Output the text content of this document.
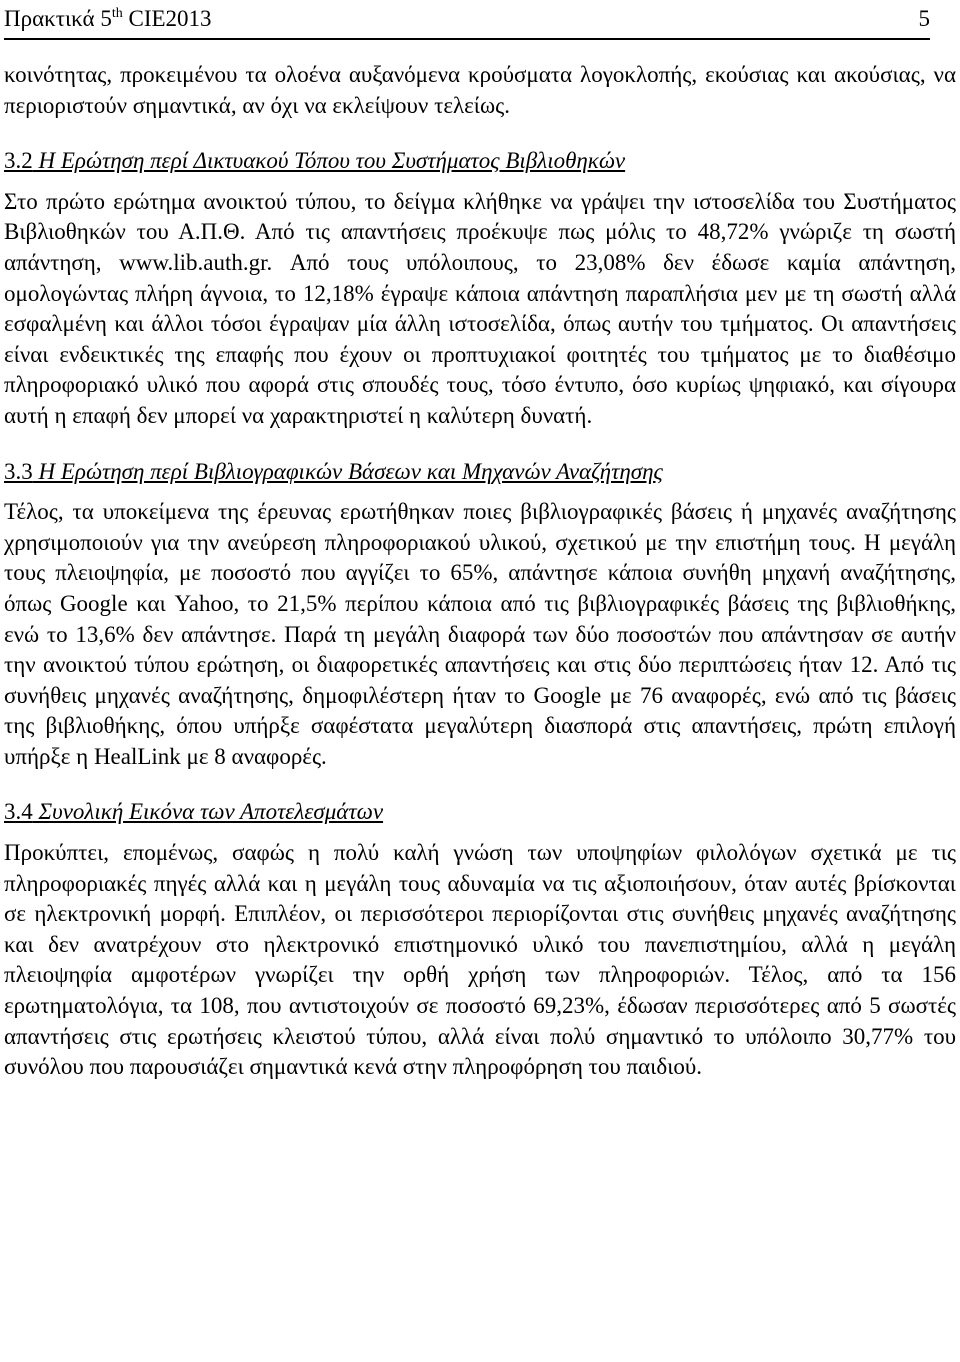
Πρακτικά 5th CIE2013	5

κοινότητας, προκειμένου τα ολοένα αυξανόμενα κρούσματα λογοκλοπής, εκούσιας και ακούσιας, να περιοριστούν σημαντικά, αν όχι να εκλείψουν τελείως.

3.2 Η Ερώτηση περί Δικτυακού Τόπου του Συστήματος Βιβλιοθηκών

Στο πρώτο ερώτημα ανοικτού τύπου, το δείγμα κλήθηκε να γράψει την ιστοσελίδα του Συστήματος Βιβλιοθηκών του Α.Π.Θ. Από τις απαντήσεις προέκυψε πως μόλις το 48,72% γνώριζε τη σωστή απάντηση, www.lib.auth.gr. Από τους υπόλοιπους, το 23,08% δεν έδωσε καμία απάντηση, ομολογώντας πλήρη άγνοια, το 12,18% έγραψε κάποια απάντηση παραπλήσια μεν με τη σωστή αλλά εσφαλμένη και άλλοι τόσοι έγραψαν μία άλλη ιστοσελίδα, όπως αυτήν του τμήματος. Οι απαντήσεις είναι ενδεικτικές της επαφής που έχουν οι προπτυχιακοί φοιτητές του τμήματος με το διαθέσιμο πληροφοριακό υλικό που αφορά στις σπουδές τους, τόσο έντυπο, όσο κυρίως ψηφιακό, και σίγουρα αυτή η επαφή δεν μπορεί να χαρακτηριστεί η καλύτερη δυνατή.

3.3 Η Ερώτηση περί Βιβλιογραφικών Βάσεων και Μηχανών Αναζήτησης

Τέλος, τα υποκείμενα της έρευνας ερωτήθηκαν ποιες βιβλιογραφικές βάσεις ή μηχανές αναζήτησης χρησιμοποιούν για την ανεύρεση πληροφοριακού υλικού, σχετικού με την επιστήμη τους. Η μεγάλη τους πλειοψηφία, με ποσοστό που αγγίζει το 65%, απάντησε κάποια συνήθη μηχανή αναζήτησης, όπως Google και Yahoo, το 21,5% περίπου κάποια από τις βιβλιογραφικές βάσεις της βιβλιοθήκης, ενώ το 13,6% δεν απάντησε. Παρά τη μεγάλη διαφορά των δύο ποσοστών που απάντησαν σε αυτήν την ανοικτού τύπου ερώτηση, οι διαφορετικές απαντήσεις και στις δύο περιπτώσεις ήταν 12. Από τις συνήθεις μηχανές αναζήτησης, δημοφιλέστερη ήταν το Google με 76 αναφορές, ενώ από τις βάσεις της βιβλιοθήκης, όπου υπήρξε σαφέστατα μεγαλύτερη διασπορά στις απαντήσεις, πρώτη επιλογή υπήρξε η HealLink με 8 αναφορές.

3.4 Συνολική Εικόνα των Αποτελεσμάτων

Προκύπτει, επομένως, σαφώς η πολύ καλή γνώση των υποψηφίων φιλολόγων σχετικά με τις πληροφοριακές πηγές αλλά και η μεγάλη τους αδυναμία να τις αξιοποιήσουν, όταν αυτές βρίσκονται σε ηλεκτρονική μορφή. Επιπλέον, οι περισσότεροι περιορίζονται στις συνήθεις μηχανές αναζήτησης και δεν ανατρέχουν στο ηλεκτρονικό επιστημονικό υλικό του πανεπιστημίου, αλλά η μεγάλη πλειοψηφία αμφοτέρων γνωρίζει την ορθή χρήση των πληροφοριών. Τέλος, από τα 156 ερωτηματολόγια, τα 108, που αντιστοιχούν σε ποσοστό 69,23%, έδωσαν περισσότερες από 5 σωστές απαντήσεις στις ερωτήσεις κλειστού τύπου, αλλά είναι πολύ σημαντικό το υπόλοιπο 30,77% του συνόλου που παρουσιάζει σημαντικά κενά στην πληροφόρηση του παιδιού.
